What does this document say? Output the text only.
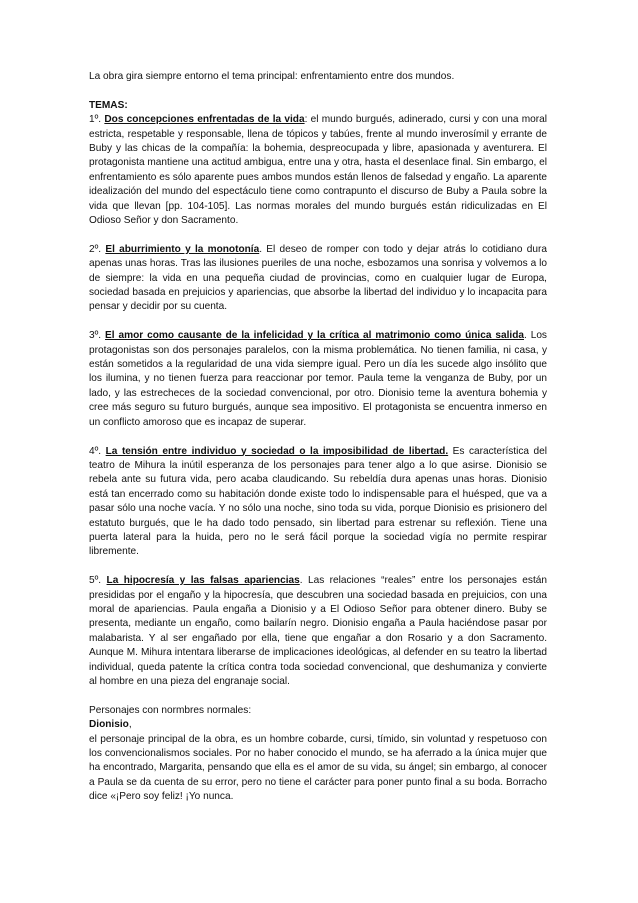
La obra gira siempre entorno el tema principal: enfrentamiento entre dos mundos.

TEMAS:

1º. Dos concepciones enfrentadas de la vida: el mundo burgués, adinerado, cursi y con una moral estricta, respetable y responsable, llena de tópicos y tabúes, frente al mundo inverosímil y errante de Buby y las chicas de la compañía: la bohemia, despreocupada y libre, apasionada y aventurera. El protagonista mantiene una actitud ambigua, entre una y otra, hasta el desenlace final. Sin embargo, el enfrentamiento es sólo aparente pues ambos mundos están llenos de falsedad y engaño. La aparente idealización del mundo del espectáculo tiene como contrapunto el discurso de Buby a Paula sobre la vida que llevan [pp. 104-105]. Las normas morales del mundo burgués están ridiculizadas en El Odioso Señor y don Sacramento.

2º. El aburrimiento y la monotonía. El deseo de romper con todo y dejar atrás lo cotidiano dura apenas unas horas. Tras las ilusiones pueriles de una noche, esbozamos una sonrisa y volvemos a lo de siempre: la vida en una pequeña ciudad de provincias, como en cualquier lugar de Europa, sociedad basada en prejuicios y apariencias, que absorbe la libertad del individuo y lo incapacita para pensar y decidir por su cuenta.

3º. El amor como causante de la infelicidad y la crítica al matrimonio como única salida. Los protagonistas son dos personajes paralelos, con la misma problemática. No tienen familia, ni casa, y están sometidos a la regularidad de una vida siempre igual. Pero un día les sucede algo insólito que los ilumina, y no tienen fuerza para reaccionar por temor. Paula teme la venganza de Buby, por un lado, y las estrecheces de la sociedad convencional, por otro. Dionisio teme la aventura bohemia y cree más seguro su futuro burgués, aunque sea impositivo. El protagonista se encuentra inmerso en un conflicto amoroso que es incapaz de superar.

4º. La tensión entre individuo y sociedad o la imposibilidad de libertad. Es característica del teatro de Mihura la inútil esperanza de los personajes para tener algo a lo que asirse. Dionisio se rebela ante su futura vida, pero acaba claudicando. Su rebeldía dura apenas unas horas. Dionisio está tan encerrado como su habitación donde existe todo lo indispensable para el huésped, que va a pasar sólo una noche vacía. Y no sólo una noche, sino toda su vida, porque Dionisio es prisionero del estatuto burgués, que le ha dado todo pensado, sin libertad para estrenar su reflexión. Tiene una puerta lateral para la huida, pero no le será fácil porque la sociedad vigía no permite respirar libremente.

5º. La hipocresía y las falsas apariencias. Las relaciones “reales” entre los personajes están presididas por el engaño y la hipocresía, que descubren una sociedad basada en prejuicios, con una moral de apariencias. Paula engaña a Dionisio y a El Odioso Señor para obtener dinero. Buby se presenta, mediante un engaño, como bailarín negro. Dionisio engaña a Paula haciéndose pasar por malabarista. Y al ser engañado por ella, tiene que engañar a don Rosario y a don Sacramento. Aunque M. Mihura intentara liberarse de implicaciones ideológicas, al defender en su teatro la libertad individual, queda patente la crítica contra toda sociedad convencional, que deshumaniza y convierte al hombre en una pieza del engranaje social.

Personajes con normbres normales:

Dionisio,

el personaje principal de la obra, es un hombre cobarde, cursi, tímido, sin voluntad y respetuoso con los convencionalismos sociales. Por no haber conocido el mundo, se ha aferrado a la única mujer que ha encontrado, Margarita, pensando que ella es el amor de su vida, su ángel; sin embargo, al conocer a Paula se da cuenta de su error, pero no tiene el carácter para poner punto final a su boda. Borracho dice «¡Pero soy feliz! ¡Yo nunca.
